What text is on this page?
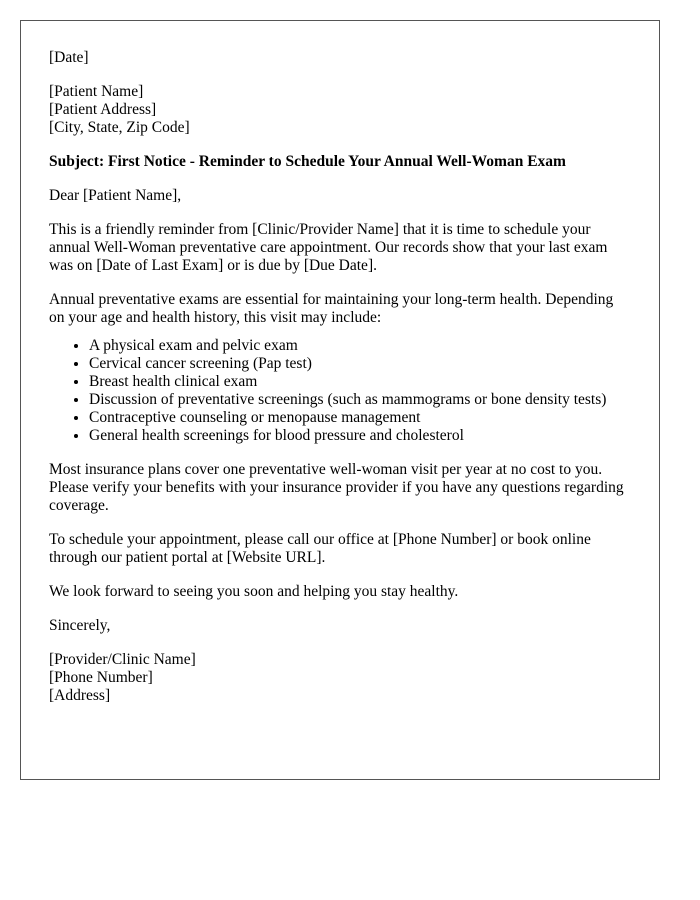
[Date]

[Patient Name]
[Patient Address]
[City, State, Zip Code]

Subject: First Notice - Reminder to Schedule Your Annual Well-Woman Exam

Dear [Patient Name],

This is a friendly reminder from [Clinic/Provider Name] that it is time to schedule your annual Well-Woman preventative care appointment. Our records show that your last exam was on [Date of Last Exam] or is due by [Due Date].

Annual preventative exams are essential for maintaining your long-term health. Depending on your age and health history, this visit may include:

• A physical exam and pelvic exam
• Cervical cancer screening (Pap test)
• Breast health clinical exam
• Discussion of preventative screenings (such as mammograms or bone density tests)
• Contraceptive counseling or menopause management
• General health screenings for blood pressure and cholesterol

Most insurance plans cover one preventative well-woman visit per year at no cost to you. Please verify your benefits with your insurance provider if you have any questions regarding coverage.

To schedule your appointment, please call our office at [Phone Number] or book online through our patient portal at [Website URL].

We look forward to seeing you soon and helping you stay healthy.

Sincerely,

[Provider/Clinic Name]
[Phone Number]
[Address]
